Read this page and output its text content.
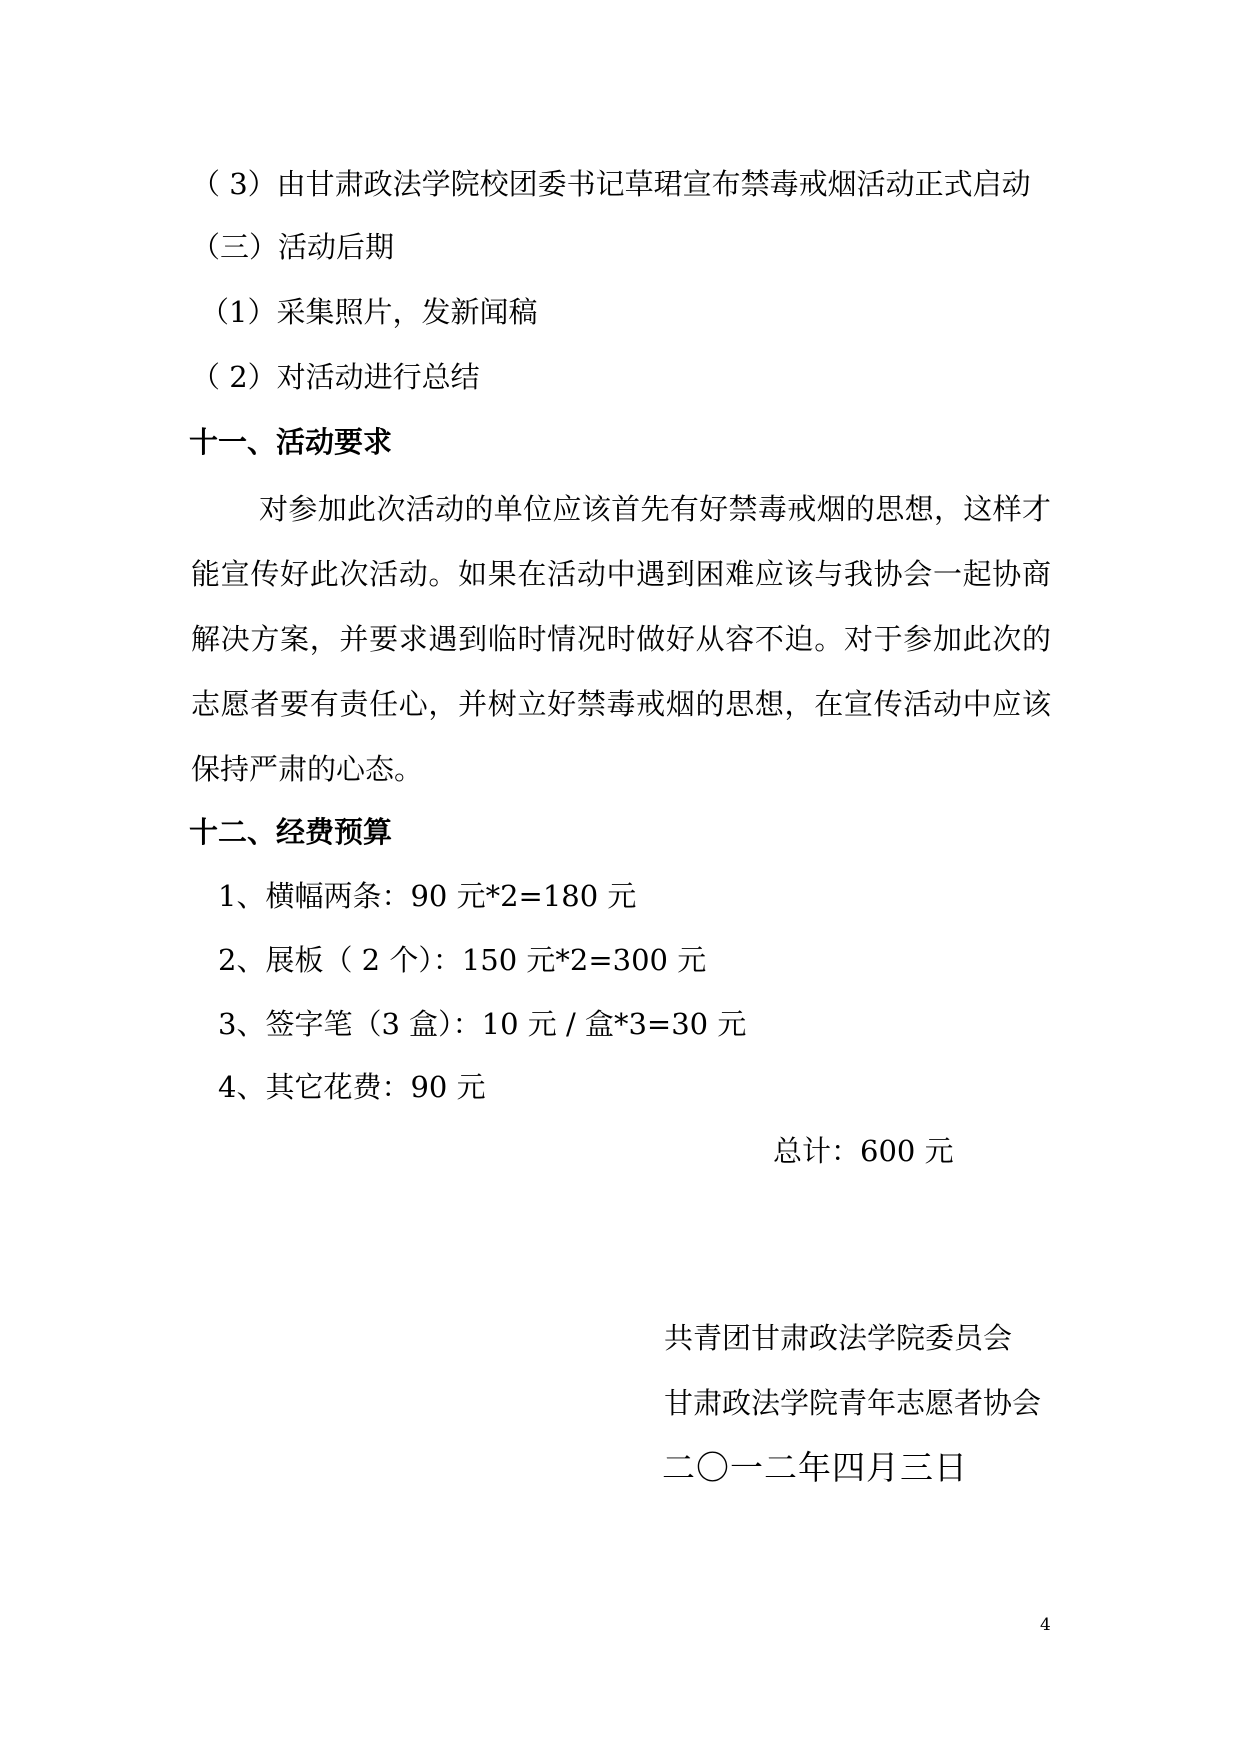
（ 3）由甘肃政法学院校团委书记草珺宣布禁毒戒烟活动正式启动
（三）活动后期
（1）采集照片，发新闻稿
（ 2）对活动进行总结
十一、活动要求
对参加此次活动的单位应该首先有好禁毒戒烟的思想，这样才能宣传好此次活动。如果在活动中遇到困难应该与我协会一起协商解决方案，并要求遇到临时情况时做好从容不迫。对于参加此次的志愿者要有责任心，并树立好禁毒戒烟的思想，在宣传活动中应该保持严肃的心态。
十二、经费预算
1、横幅两条：90 元*2=180 元
2、展板（ 2 个）：150 元*2=300 元
3、签字笔（3 盒）：10 元 / 盒*3=30 元
4、其它花费：90 元
总计：600 元
共青团甘肃政法学院委员会
甘肃政法学院青年志愿者协会
二〇一二年四月三日
4
